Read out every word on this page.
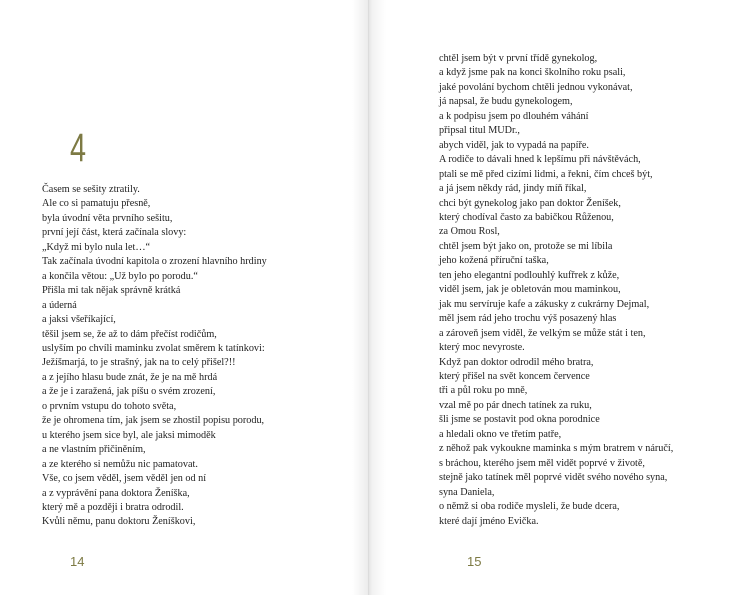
4
Časem se sešity ztratily.
Ale co si pamatuju přesně,
byla úvodní věta prvního sešitu,
první její část, která začínala slovy:
„Když mi bylo nula let…“
Tak začínala úvodní kapitola o zrození hlavního hrdiny
a končila větou: „Už bylo po porodu.“
Přišla mi tak nějak správně krátká
a úderná
a jaksi všeříkající,
těšil jsem se, že až to dám přečíst rodičům,
uslyším po chvíli maminku zvolat směrem k tatínkovi:
Ježíšmarjá, to je strašný, jak na to celý přišel?!!
a z jejího hlasu bude znát, že je na mě hrdá
a že je i zaražená, jak píšu o svém zrození,
o prvním vstupu do tohoto světa,
že je ohromena tím, jak jsem se zhostil popisu porodu,
u kterého jsem sice byl, ale jaksi mimoděk
a ne vlastním přičiněním,
a ze kterého si nemůžu nic pamatovat.
Vše, co jsem věděl, jsem věděl jen od ní
a z vyprávění pana doktora Ženíška,
který mě a později i bratra odrodil.
Kvůli němu, panu doktoru Ženíškovi,
14
chtěl jsem být v první třídě gynekolog,
a když jsme pak na konci školního roku psali,
jaké povolání bychom chtěli jednou vykonávat,
já napsal, že budu gynekologem,
a k podpisu jsem po dlouhém váhání
připsal titul MUDr.,
abych viděl, jak to vypadá na papíře.
A rodiče to dávali hned k lepšímu při návštěvách,
ptali se mě před cizími lidmi, a řekni, čím chceš být,
a já jsem někdy rád, jindy míň říkal,
chci být gynekolog jako pan doktor Ženíšek,
který chodíval často za babičkou Růženou,
za Omou Rosl,
chtěl jsem být jako on, protože se mi líbila
jeho kožená příruční taška,
ten jeho elegantní podlouhlý kufřrek z kůže,
viděl jsem, jak je obletován mou maminkou,
jak mu servíruje kafe a zákusky z cukrárny Dejmal,
měl jsem rád jeho trochu výš posazený hlas
a zároveň jsem viděl, že velkým se může stát i ten,
který moc nevyroste.
Když pan doktor odrodil mého bratra,
který přišel na svět koncem července
tři a půl roku po mně,
vzal mě po pár dnech tatínek za ruku,
šli jsme se postavit pod okna porodnice
a hledali okno ve třetím patře,
z něhož pak vykoukne maminka s mým bratrem v náručí,
s bráchou, kterého jsem měl vidět poprvé v životě,
stejně jako tatínek měl poprvé vidět svého nového syna,
syna Daniela,
o němž si oba rodiče mysleli, že bude dcera,
které dají jméno Evička.
15
